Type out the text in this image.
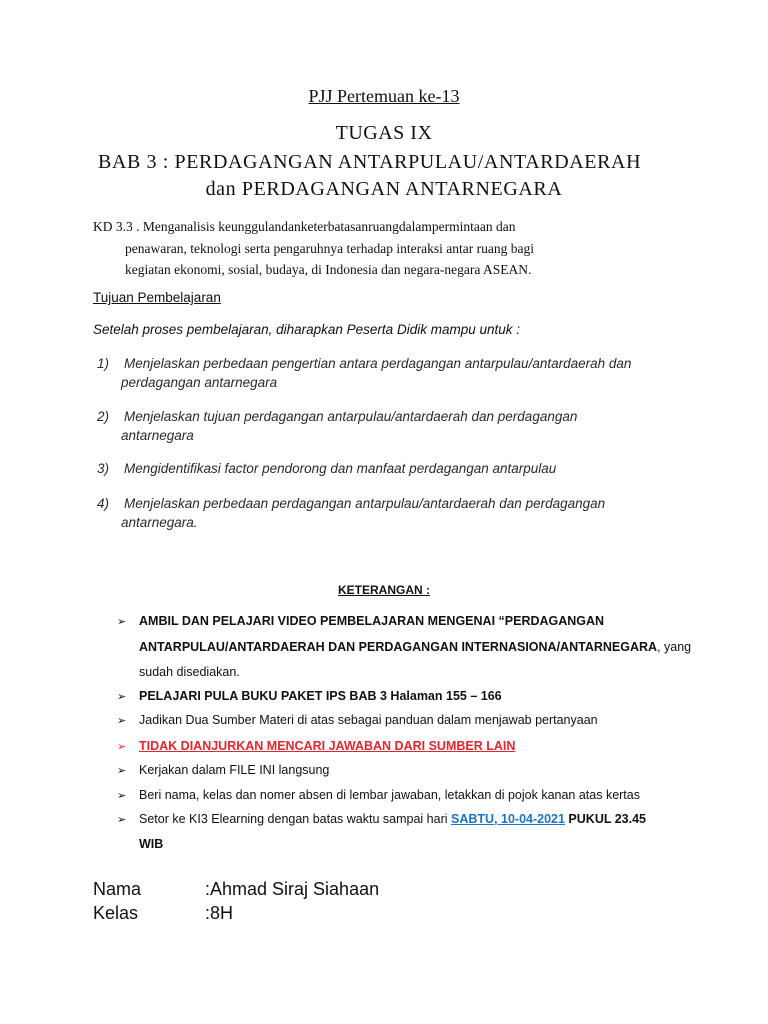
PJJ Pertemuan ke-13
TUGAS IX
BAB 3 : PERDAGANGAN ANTARPULAU/ANTARDAERAH
dan PERDAGANGAN ANTARNEGARA
KD 3.3 . Menganalisis keunggulandanketerbatasanruangdalampermintaan dan
penawaran, teknologi serta pengaruhnya terhadap interaksi antar ruang bagi
kegiatan ekonomi, sosial, budaya, di Indonesia dan negara-negara ASEAN.
Tujuan Pembelajaran
Setelah proses pembelajaran, diharapkan Peserta Didik mampu untuk :
1) Menjelaskan perbedaan pengertian antara perdagangan antarpulau/antardaerah dan
perdagangan antarnegara
2) Menjelaskan tujuan perdagangan antarpulau/antardaerah dan perdagangan
antarnegara
3) Mengidentifikasi factor pendorong dan manfaat perdagangan antarpulau
4) Menjelaskan perbedaan perdagangan antarpulau/antardaerah dan perdagangan
antarnegara.
KETERANGAN :
➢ AMBIL DAN PELAJARI VIDEO PEMBELAJARAN MENGENAI “PERDAGANGAN
ANTARPULAU/ANTARDAERAH DAN PERDAGANGAN INTERNASIONA/ANTARNEGARA, yang
sudah disediakan.
➢ PELAJARI PULA BUKU PAKET IPS BAB 3 Halaman 155 – 166
➢ Jadikan Dua Sumber Materi di atas sebagai panduan dalam menjawab pertanyaan
➢ TIDAK DIANJURKAN MENCARI JAWABAN DARI SUMBER LAIN
➢ Kerjakan dalam FILE INI langsung
➢ Beri nama, kelas dan nomer absen di lembar jawaban, letakkan di pojok kanan atas kertas
➢ Setor ke KI3 Elearning dengan batas waktu sampai hari SABTU, 10-04-2021 PUKUL 23.45
WIB
Nama	:Ahmad Siraj Siahaan
Kelas	:8H
